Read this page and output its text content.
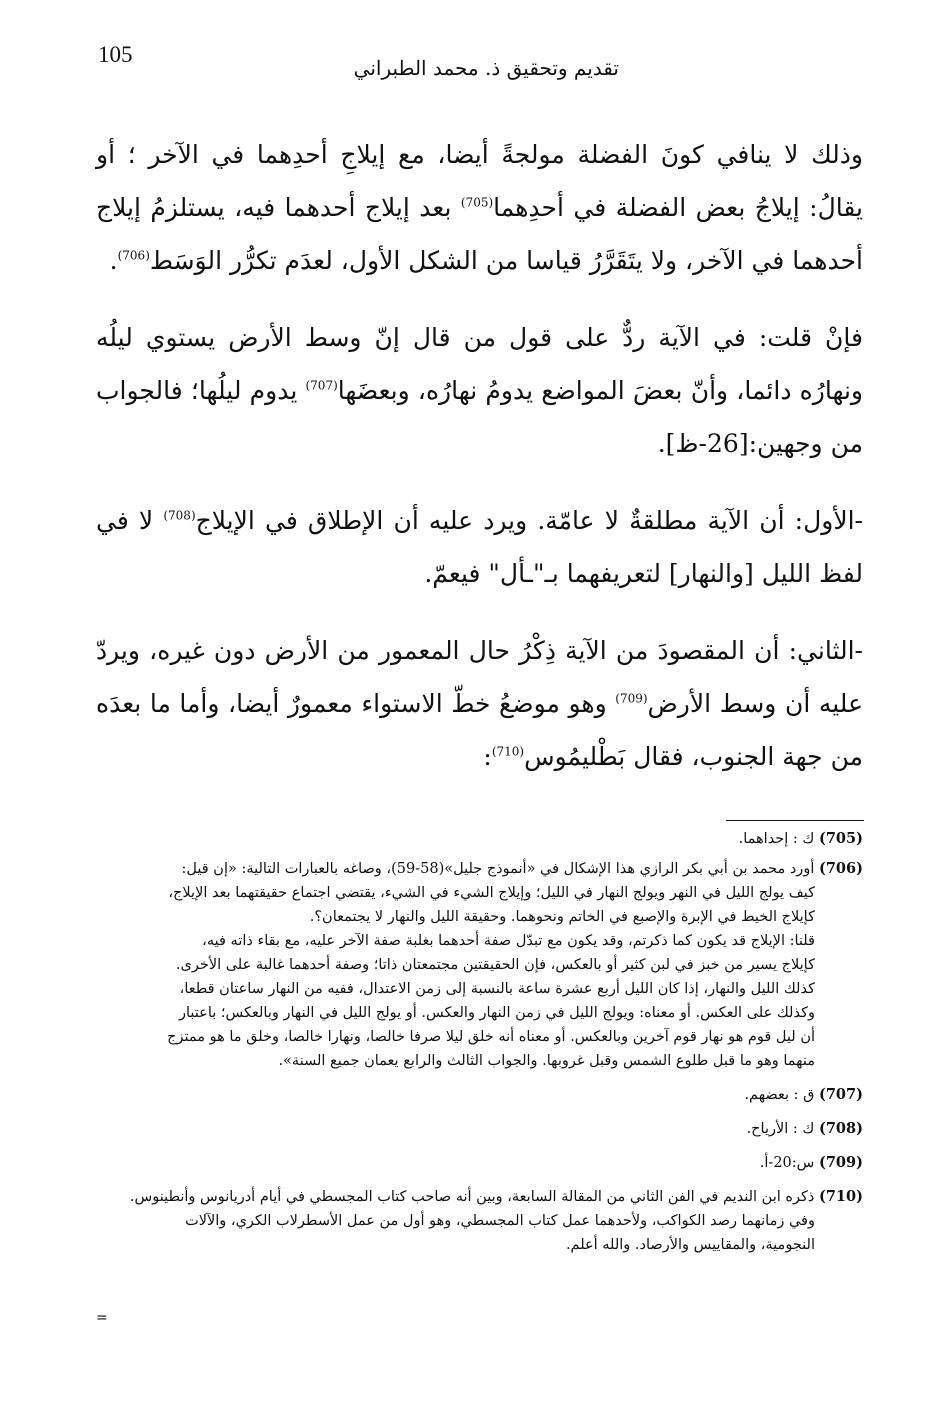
105
تقديم وتحقيق ذ. محمد الطبراني

وذلك لا ينافي كونَ الفضلة مولجةً أيضا، مع إيلاجِ أحدِهما في الآخر ؛ أو يقالُ: إيلاجُ بعض الفضلة في أحدِهما$^{(705)}$ بعد إيلاج أحدهما فيه، يستلزمُ إيلاج أحدهما في الآخر، ولا يتَقَرَّرُ قياسا من الشكل الأول، لعدَم تكرُّر الوَسَط$^{(706)}$.

فإنْ قلت: في الآية ردٌّ على قول من قال إنّ وسط الأرض يستوي ليلُه ونهارُه دائما، وأنّ بعضَ المواضع يدومُ نهارُه، وبعضَها$^{(707)}$ يدوم ليلُها؛ فالجواب من وجهين:[26-ظ].

-الأول: أن الآية مطلقةٌ لا عامّة. ويرد عليه أن الإطلاق في الإيلاج$^{(708)}$ لا في لفظ الليل [والنهار] لتعريفهما بـ"ـأل" فيعمّ.

-الثاني: أن المقصودَ من الآية ذِكْرُ حال المعمور من الأرض دون غيره، ويردّ عليه أن وسط الأرض$^{(709)}$ وهو موضعُ خطّ الاستواء معمورٌ أيضا، وأما ما بعدَه من جهة الجنوب، فقال بَطْليمُوس$^{(710)}$:

(705) ك : إحداهما.

(706) أورد محمد بن أبي بكر الرازي هذا الإشكال في «أنموذج جليل»(58-59)، وصاغه بالعبارات التالية: «إن قيل:
كيف يولج الليل في النهر ويولج النهار في الليل؛ وإيلاج الشيء في الشيء، يقتضي اجتماع حقيقتهما بعد الإيلاج،
كإيلاج الخيط في الإبرة والإصبع في الخاتم ونحوهما. وحقيقة الليل والنهار لا يجتمعان؟.
قلنا: الإيلاج قد يكون كما ذكرتم، وقد يكون مع تبدّل صفة أحدهما بغلبة صفة الآخر عليه، مع بقاء ذاته فيه،
كإيلاج يسير من خبز في لبن كثير أو بالعكس، فإن الحقيقتين مجتمعتان ذاتا؛ وصفة أحدهما غالبة على الأخرى.
كذلك الليل والنهار، إذا كان الليل أربع عشرة ساعة بالنسبة إلى زمن الاعتدال، ففيه من النهار ساعتان قطعا،
وكذلك على العكس. أو معناه: ويولج الليل في زمن النهار والعكس. أو يولج الليل في النهار وبالعكس؛ باعتبار
أن ليل قوم هو نهار قوم آخرين وبالعكس. أو معناه أنه خلق ليلا صرفا خالصا، ونهارا خالصا، وخلق ما هو ممتزج
منهما وهو ما قبل طلوع الشمس وقبل غروبها. والجواب الثالث والرابع يعمان جميع السنة».

(707) ق : بعضهم.

(708) ك : الأرياح.

(709) س:20-أ.

(710) ذكره ابن النديم في الفن الثاني من المقالة السابعة، وبين أنه صاحب كتاب المجسطي في أيام أدريانوس وأنطينوس.
وفي زمانهما رصد الكواكب، ولأحدهما عمل كتاب المجسطي، وهو أول من عمل الأسطرلاب الكري، والآلات
النجومية، والمقاييس والأرصاد. والله أعلم.

=
